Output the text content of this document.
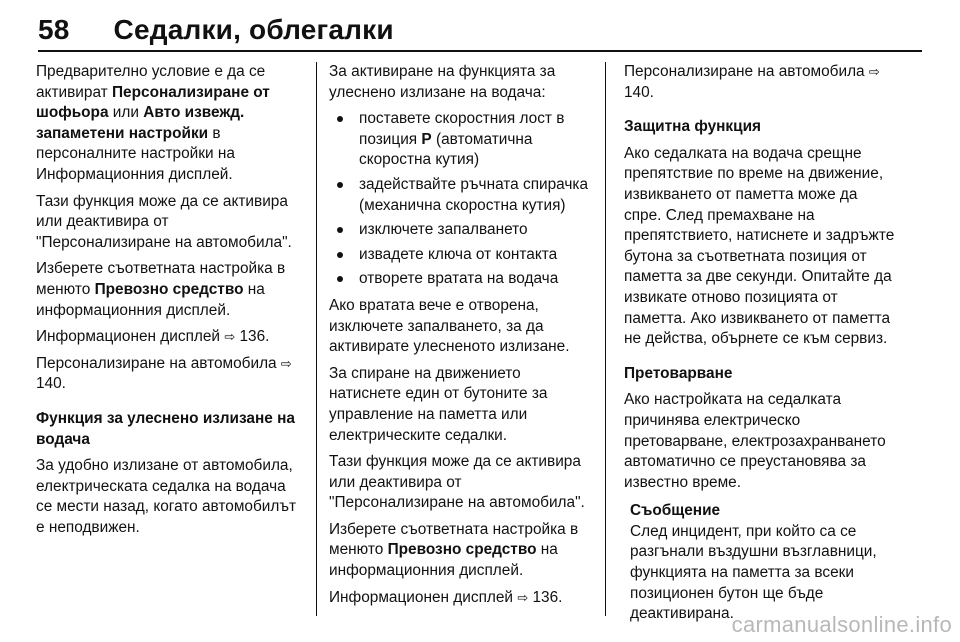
58 Седалки, облегалки

Предварително условие е да се активират Персонализиране от шофьора или Авто извежд. запаметени настройки в персоналните настройки на Информационния дисплей.

Тази функция може да се активира или деактивира от "Персонализиране на автомобила".

Изберете съответната настройка в менюто Превозно средство на информационния дисплей.

Информационен дисплей ⇨ 136.

Персонализиране на автомобила ⇨ 140.

Функция за улеснено излизане на водача

За удобно излизане от автомобила, електрическата седалка на водача се мести назад, когато автомобилът е неподвижен.

За активиране на функцията за улеснено излизане на водача:

поставете скоростния лост в позиция P (автоматична скоростна кутия)
задействайте ръчната спирачка (механична скоростна кутия)
изключете запалването
извадете ключа от контакта
отворете вратата на водача

Ако вратата вече е отворена, изключете запалването, за да активирате улесненото излизане.

За спиране на движението натиснете един от бутоните за управление на паметта или електрическите седалки.

Тази функция може да се активира или деактивира от "Персонализиране на автомобила".

Изберете съответната настройка в менюто Превозно средство на информационния дисплей.

Информационен дисплей ⇨ 136.

Персонализиране на автомобила ⇨ 140.

Защитна функция

Ако седалката на водача срещне препятствие по време на движение, извикването от паметта може да спре. След премахване на препятствието, натиснете и задръжте бутона за съответната позиция от паметта за две секунди. Опитайте да извикате отново позицията от паметта. Ако извикването от паметта не действа, обърнете се към сервиз.

Претоварване

Ако настройката на седалката причинява електрическо претоварване, електрозахранването автоматично се преустановява за известно време.

Съобщение
След инцидент, при който са се разгънали въздушни възглавници, функцията на паметта за всеки позиционен бутон ще бъде деактивирана.
carmanualsonline.info
